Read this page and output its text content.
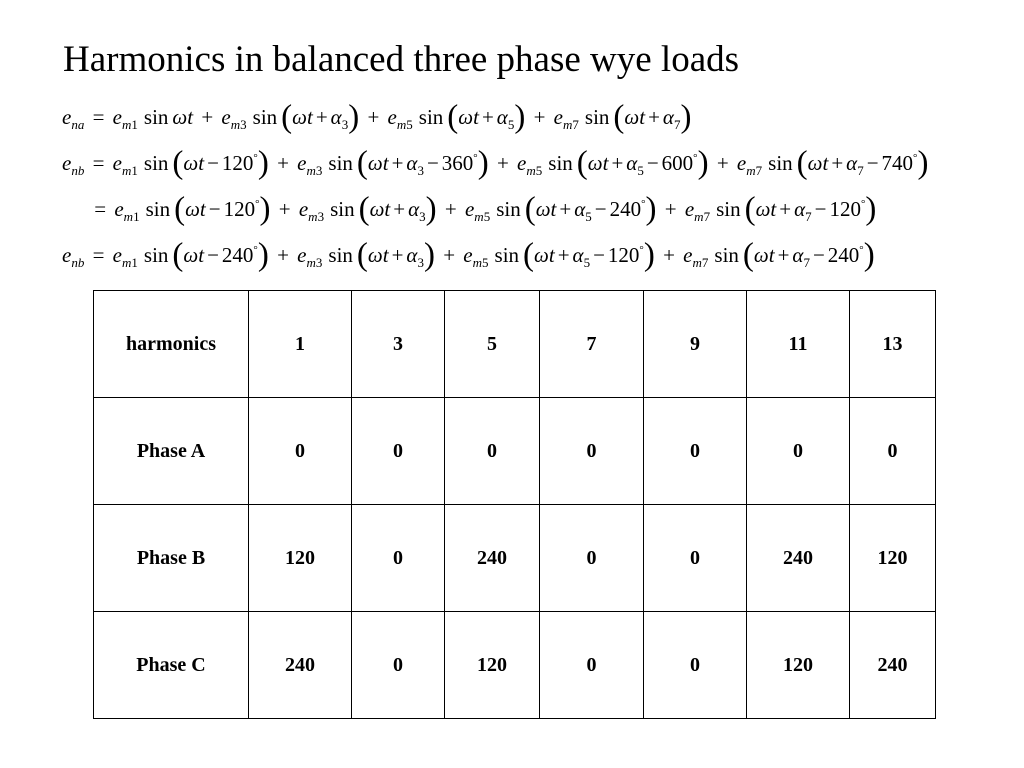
Harmonics in balanced three phase wye loads
$e_{na} = e_{m1}$ $\sin \omega t + e_{m3}$ $\sin (\omega t + \alpha_3) + e_{m5}$ $\sin (\omega t + \alpha_5) + e_{m7}$ $\sin (\omega t + \alpha_7)$
$e_{nb} = e_{m1}$ $\sin (\omega t - 120^\circ) + e_{m3}$ $\sin (\omega t + \alpha_3 - 360^\circ) + e_{m5}$ $\sin (\omega t + \alpha_5 - 600^\circ) + e_{m7}$ $\sin (\omega t + \alpha_7 - 740^\circ)$
= $e_{m1}$ $\sin (\omega t - 120^\circ) + e_{m3}$ $\sin (\omega t + \alpha_3) + e_{m5}$ $\sin (\omega t + \alpha_5 - 240^\circ) + e_{m7}$ $\sin (\omega t + \alpha_7 - 120^\circ)$
$e_{nb} = e_{m1}$ $\sin (\omega t - 240^\circ) + e_{m3}$ $\sin (\omega t + \alpha_3) + e_{m5}$ $\sin (\omega t + \alpha_5 - 120^\circ) + e_{m7}$ $\sin (\omega t + \alpha_7 - 240^\circ)$
harmonics	1	3	5	7	9	11	13
Phase A	0	0	0	0	0	0	0
Phase B	120	0	240	0	0	240	120
Phase C	240	0	120	0	0	120	240
